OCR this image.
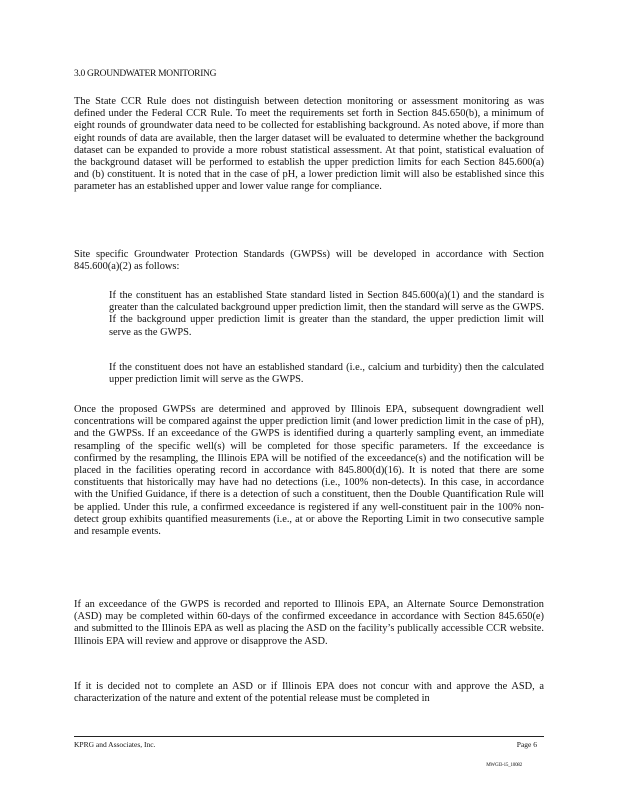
3.0 GROUNDWATER MONITORING
The State CCR Rule does not distinguish between detection monitoring or assessment monitoring as was defined under the Federal CCR Rule. To meet the requirements set forth in Section 845.650(b), a minimum of eight rounds of groundwater data need to be collected for establishing background. As noted above, if more than eight rounds of data are available, then the larger dataset will be evaluated to determine whether the background dataset can be expanded to provide a more robust statistical assessment. At that point, statistical evaluation of the background dataset will be performed to establish the upper prediction limits for each Section 845.600(a) and (b) constituent. It is noted that in the case of pH, a lower prediction limit will also be established since this parameter has an established upper and lower value range for compliance.
Site specific Groundwater Protection Standards (GWPSs) will be developed in accordance with Section 845.600(a)(2) as follows:
If the constituent has an established State standard listed in Section 845.600(a)(1) and the standard is greater than the calculated background upper prediction limit, then the standard will serve as the GWPS. If the background upper prediction limit is greater than the standard, the upper prediction limit will serve as the GWPS.
If the constituent does not have an established standard (i.e., calcium and turbidity) then the calculated upper prediction limit will serve as the GWPS.
Once the proposed GWPSs are determined and approved by Illinois EPA, subsequent downgradient well concentrations will be compared against the upper prediction limit (and lower prediction limit in the case of pH), and the GWPSs. If an exceedance of the GWPS is identified during a quarterly sampling event, an immediate resampling of the specific well(s) will be completed for those specific parameters. If the exceedance is confirmed by the resampling, the Illinois EPA will be notified of the exceedance(s) and the notification will be placed in the facilities operating record in accordance with 845.800(d)(16). It is noted that there are some constituents that historically may have had no detections (i.e., 100% non-detects). In this case, in accordance with the Unified Guidance, if there is a detection of such a constituent, then the Double Quantification Rule will be applied. Under this rule, a confirmed exceedance is registered if any well-constituent pair in the 100% non-detect group exhibits quantified measurements (i.e., at or above the Reporting Limit in two consecutive sample and resample events.
If an exceedance of the GWPS is recorded and reported to Illinois EPA, an Alternate Source Demonstration (ASD) may be completed within 60-days of the confirmed exceedance in accordance with Section 845.650(e) and submitted to the Illinois EPA as well as placing the ASD on the facility’s publically accessible CCR website. Illinois EPA will review and approve or disapprove the ASD.
If it is decided not to complete an ASD or if Illinois EPA does not concur with and approve the ASD, a characterization of the nature and extent of the potential release must be completed in
KPRG and Associates, Inc.	Page 6
MWGI3-15_10082
